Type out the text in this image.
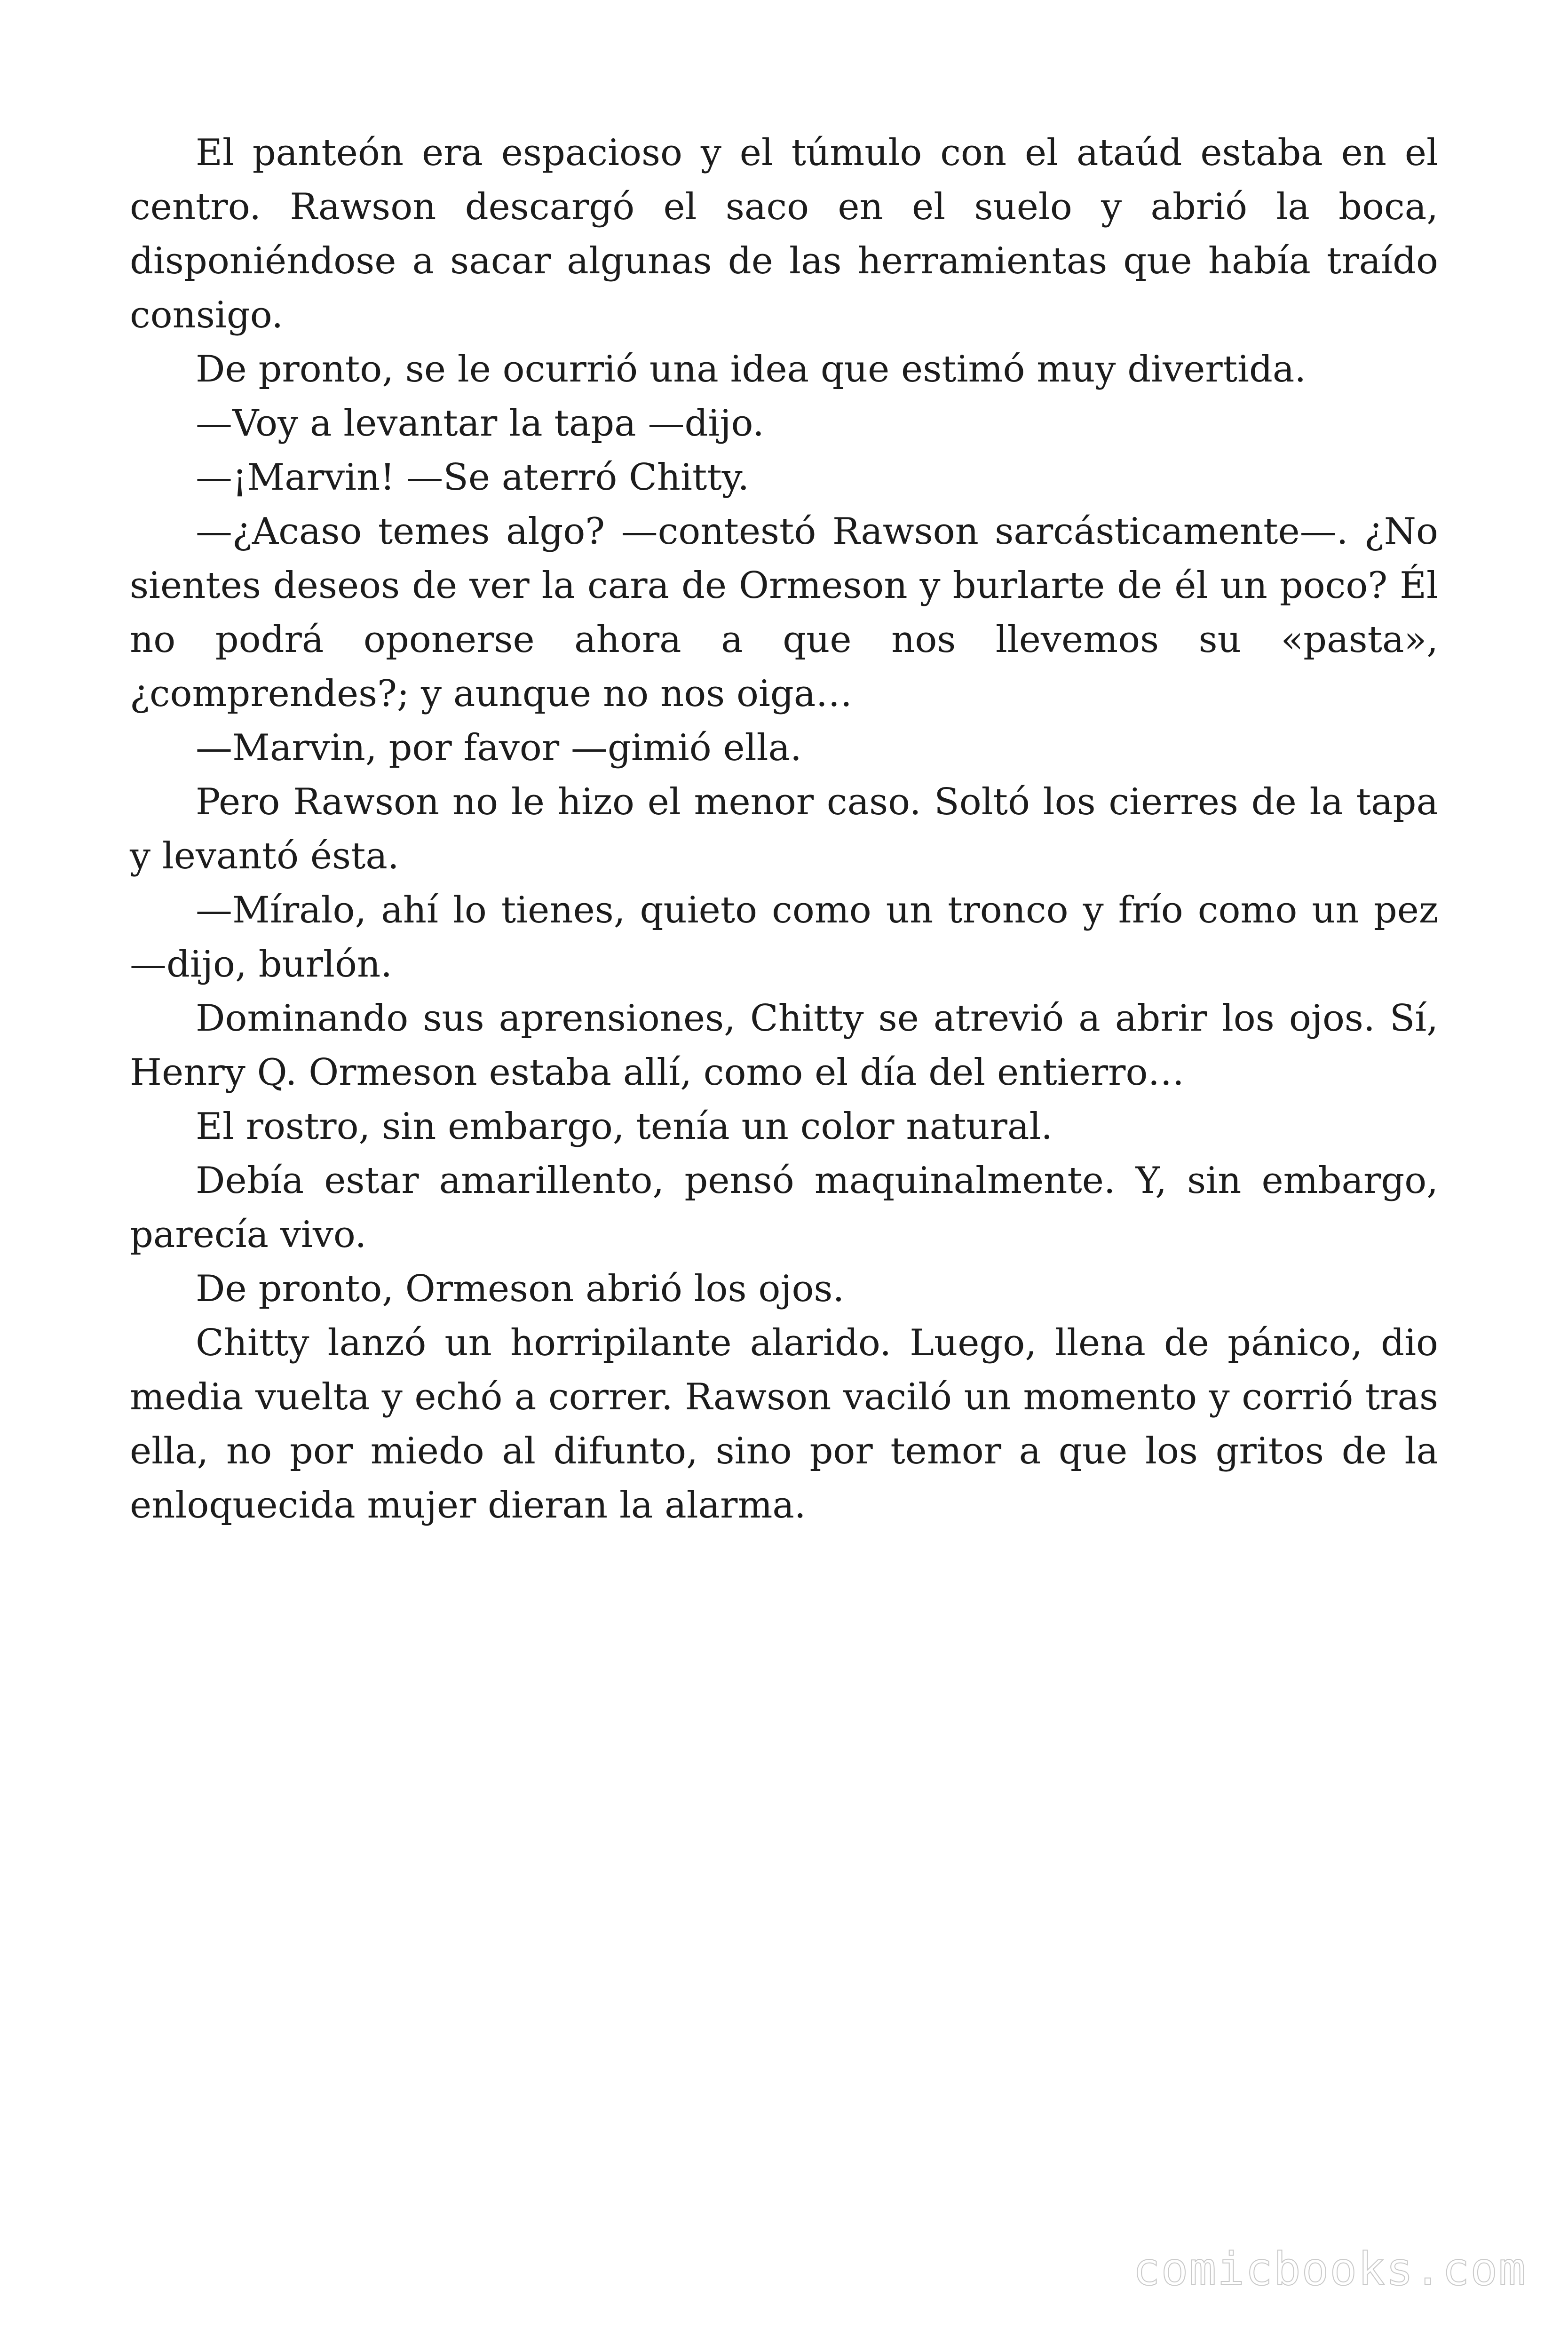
El panteón era espacioso y el túmulo con el ataúd estaba en el centro. Rawson descargó el saco en el suelo y abrió la boca, disponiéndose a sacar algunas de las herramientas que había traído consigo.

De pronto, se le ocurrió una idea que estimó muy divertida.

—Voy a levantar la tapa —dijo.

—¡Marvin! —Se aterró Chitty.

—¿Acaso temes algo? —contestó Rawson sarcásticamente—. ¿No sientes deseos de ver la cara de Ormeson y burlarte de él un poco? Él no podrá oponerse ahora a que nos llevemos su «pasta», ¿comprendes?; y aunque no nos oiga…

—Marvin, por favor —gimió ella.

Pero Rawson no le hizo el menor caso. Soltó los cierres de la tapa y levantó ésta.

—Míralo, ahí lo tienes, quieto como un tronco y frío como un pez —dijo, burlón.

Dominando sus aprensiones, Chitty se atrevió a abrir los ojos. Sí, Henry Q. Ormeson estaba allí, como el día del entierro…

El rostro, sin embargo, tenía un color natural.

Debía estar amarillento, pensó maquinalmente. Y, sin embargo, parecía vivo.

De pronto, Ormeson abrió los ojos.

Chitty lanzó un horripilante alarido. Luego, llena de pánico, dio media vuelta y echó a correr. Rawson vaciló un momento y corrió tras ella, no por miedo al difunto, sino por temor a que los gritos de la enloquecida mujer dieran la alarma.

comicbooks.com
